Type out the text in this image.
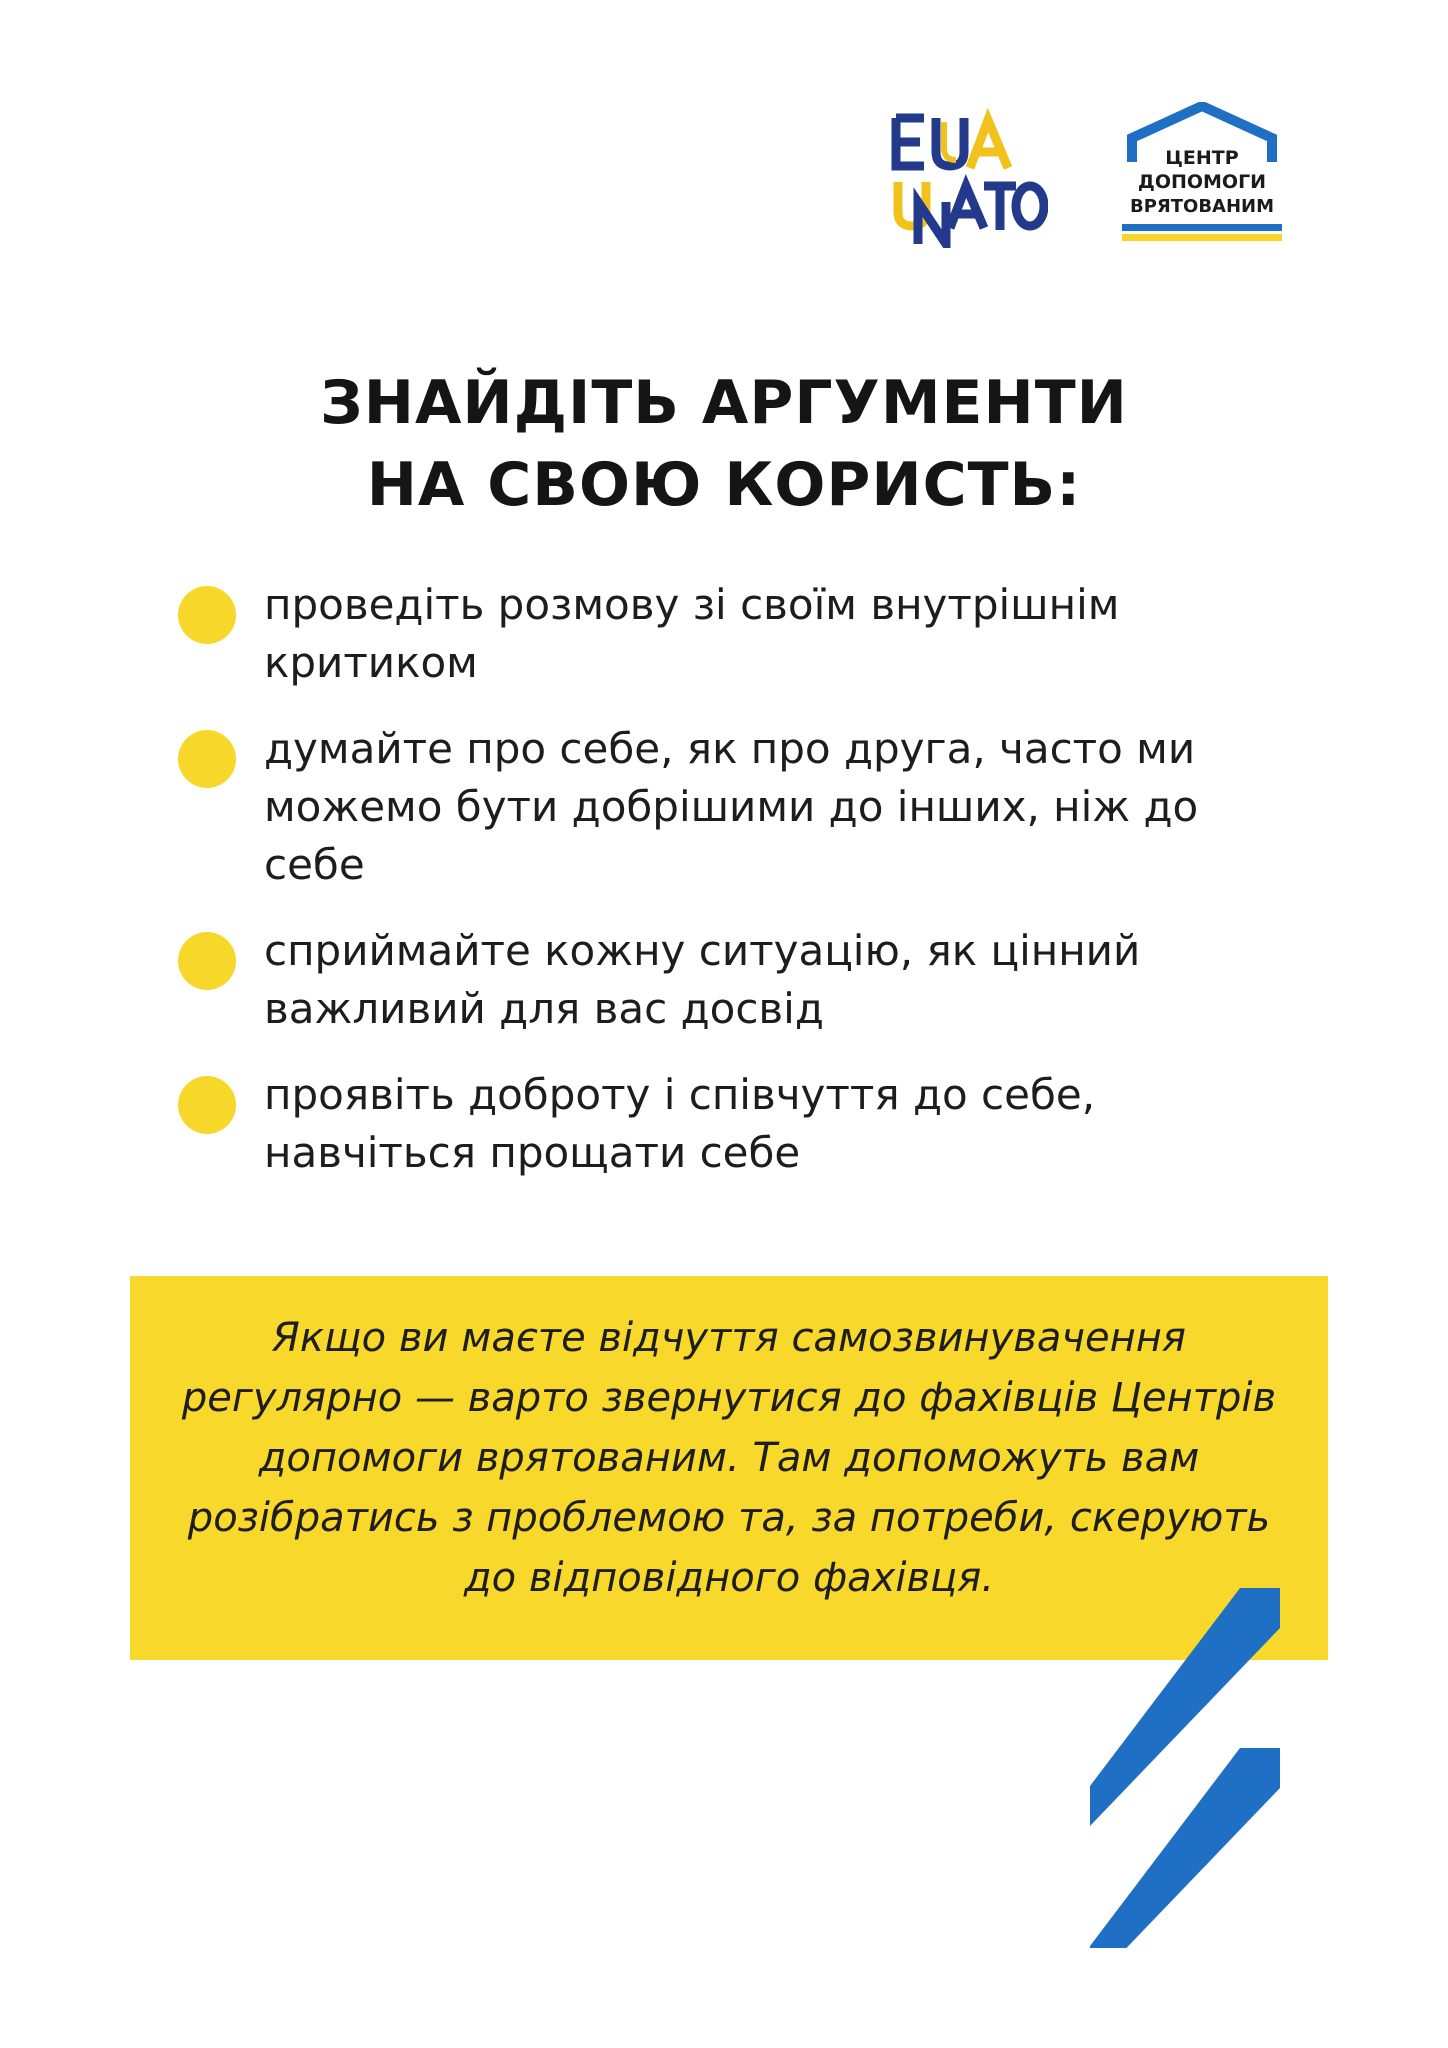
ЦЕНТР
ДОПОМОГИ
ВРЯТОВАНИМ
ЗНАЙДІТЬ АРГУМЕНТИ
НА СВОЮ КОРИСТЬ:
проведіть розмову зі своїм внутрішнім критиком
думайте про себе, як про друга, часто ми можемо бути добрішими до інших, ніж до себе
сприймайте кожну ситуацію, як цінний важливий для вас досвід
проявіть доброту і співчуття до себе, навчіться прощати себе

Якщо ви маєте відчуття самозвинувачення регулярно — варто звернутися до фахівців Центрів допомоги врятованим. Там допоможуть вам розібратись з проблемою та, за потреби, скерують до відповідного фахівця.
